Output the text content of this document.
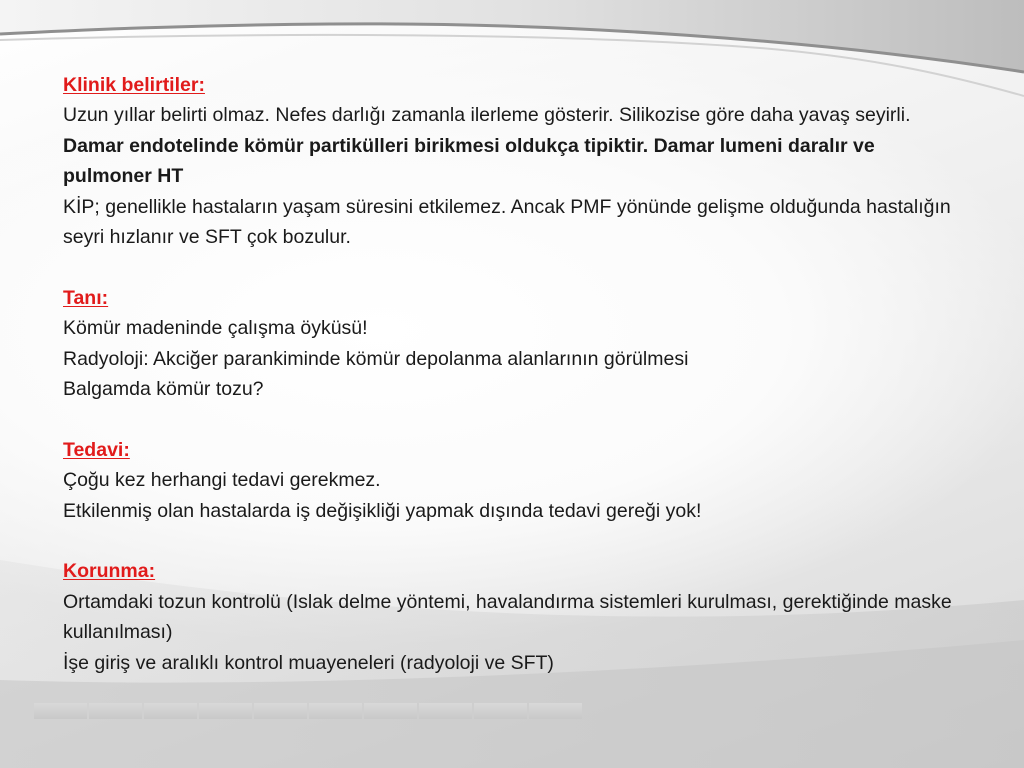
Klinik belirtiler:

Uzun yıllar belirti olmaz. Nefes darlığı zamanla ilerleme gösterir. Silikozise göre daha yavaş seyirli.

Damar endotelinde kömür partikülleri birikmesi oldukça tipiktir. Damar lumeni daralır ve pulmoner HT

KİP; genellikle hastaların yaşam süresini etkilemez. Ancak PMF yönünde gelişme olduğunda hastalığın seyri hızlanır ve SFT çok bozulur.

Tanı:

Kömür madeninde çalışma öyküsü!

Radyoloji: Akciğer parankiminde kömür depolanma alanlarının görülmesi

Balgamda kömür tozu?

Tedavi:

Çoğu kez herhangi tedavi gerekmez.

Etkilenmiş olan hastalarda iş değişikliği yapmak dışında tedavi gereği yok!

Korunma:

Ortamdaki tozun kontrolü (Islak delme yöntemi, havalandırma sistemleri kurulması, gerektiğinde maske kullanılması)

İşe giriş ve aralıklı kontrol muayeneleri (radyoloji ve SFT)
